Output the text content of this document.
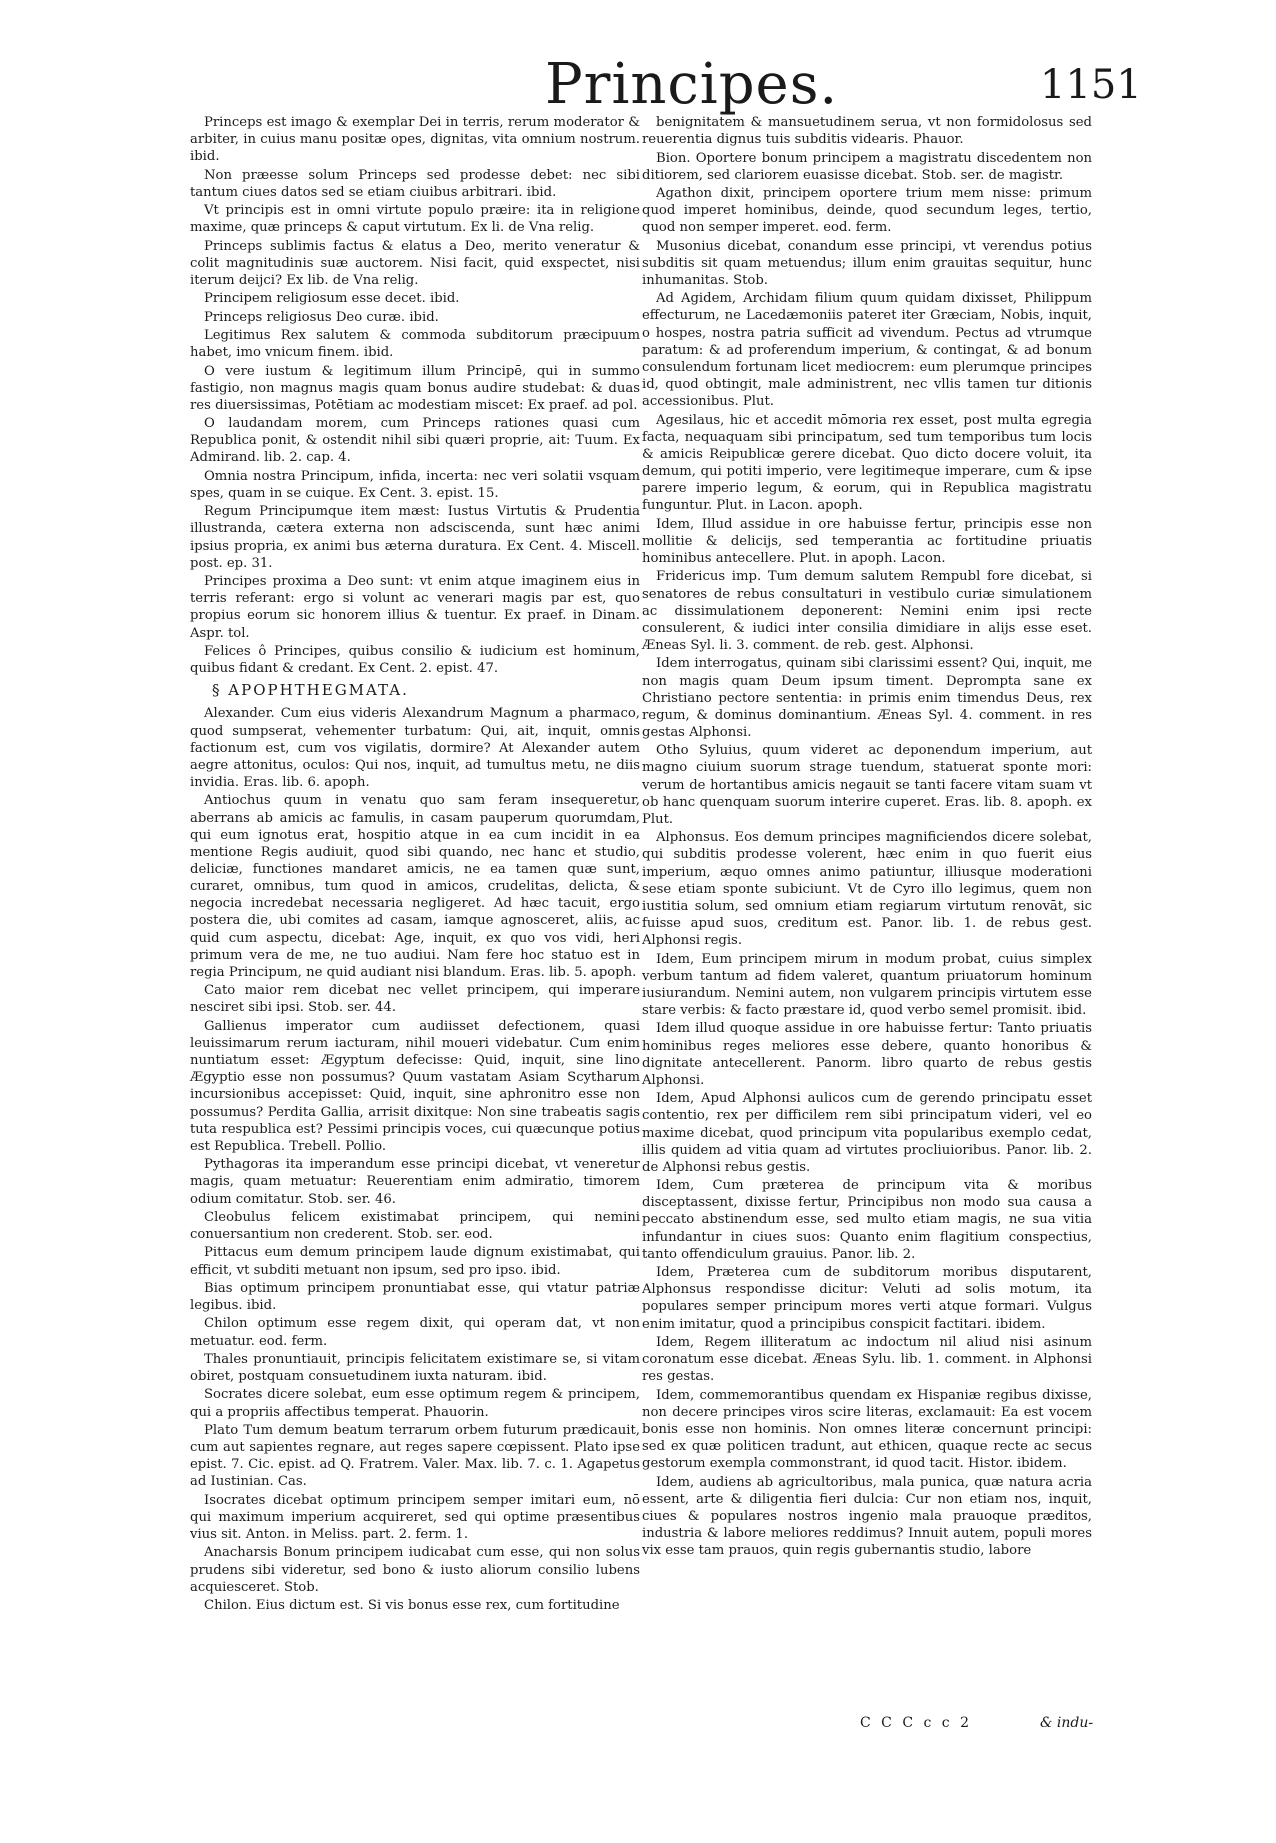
Principes.	1151

Princeps est imago & exemplar Dei in terris, rerum moderator & arbiter, in cuius manu positæ opes, dignitas, vita omnium nostrum. ibid.

Non præesse solum Princeps sed prodesse debet: nec sibi tantum ciues datos sed se etiam ciuibus arbitrari. ibid.

Vt principis est in omni virtute populo præire: ita in religione maxime, quæ princeps & caput virtutum. Ex li. de Vna relig.

Princeps sublimis factus & elatus a Deo, merito veneratur & colit magnitudinis suæ auctorem. Nisi facit, quid exspectet, nisi iterum deijci? Ex lib. de Vna relig.

Principem religiosum esse decet. ibid.

Princeps religiosus Deo curæ. ibid.

Legitimus Rex salutem & commoda subditorum præcipuum habet, imo vnicum finem. ibid.

O vere iustum & legitimum illum Principē, qui in summo fastigio, non magnus magis quam bonus audire studebat: & duas res diuersissimas, Potētiam ac modestiam miscet: Ex praef. ad pol.

O laudandam morem, cum Princeps rationes quasi cum Republica ponit, & ostendit nihil sibi quæri proprie, ait: Tuum. Ex Admirand. lib. 2. cap. 4.

Omnia nostra Principum, infida, incerta: nec veri solatii vsquam spes, quam in se cuique. Ex Cent. 3. epist. 15.

Regum Principumque item mæst: Iustus Virtutis & Prudentia illustranda, cætera externa non adsciscenda, sunt hæc animi ipsius propria, ex animi bus æterna duratura. Ex Cent. 4. Miscell. post. ep. 31.

Principes proxima a Deo sunt: vt enim atque imaginem eius in terris referant: ergo si volunt ac venerari magis par est, quo propius eorum sic honorem illius & tuentur. Ex praef. in Dinam. Aspr. tol.

Felices ô Principes, quibus consilio & iudicium est hominum, quibus fidant & credant. Ex Cent. 2. epist. 47.

§ APOPHTHEGMATA.

Alexander. Cum eius videris Alexandrum Magnum a pharmaco, quod sumpserat, vehementer turbatum: Qui, ait, inquit, omnis factionum est, cum vos vigilatis, dormire? At Alexander autem aegre attonitus, oculos: Qui nos, inquit, ad tumultus metu, ne diis invidia. Eras. lib. 6. apoph.

Antiochus quum in venatu quo sam feram insequeretur, aberrans ab amicis ac famulis, in casam pauperum quorumdam, qui eum ignotus erat, hospitio atque in ea cum incidit in ea mentione Regis audiuit, quod sibi quando, nec hanc et studio, deliciæ, functiones mandaret amicis, ne ea tamen quæ sunt, curaret, omnibus, tum quod in amicos, crudelitas, delicta, & negocia incredebat necessaria negligeret. Ad hæc tacuit, ergo postera die, ubi comites ad casam, iamque agnosceret, aliis, ac quid cum aspectu, dicebat: Age, inquit, ex quo vos vidi, heri primum vera de me, ne tuo audiui. Nam fere hoc statuo est in regia Principum, ne quid audiant nisi blandum. Eras. lib. 5. apoph.

Cato maior rem dicebat nec vellet principem, qui imperare nesciret sibi ipsi. Stob. ser. 44.

Gallienus imperator cum audiisset defectionem, quasi leuissimarum rerum iacturam, nihil moueri videbatur. Cum enim nuntiatum esset: Ægyptum defecisse: Quid, inquit, sine lino Ægyptio esse non possumus? Quum vastatam Asiam Scytharum incursionibus accepisset: Quid, inquit, sine aphronitro esse non possumus? Perdita Gallia, arrisit dixitque: Non sine trabeatis sagis tuta respublica est? Pessimi principis voces, cui quæcunque potius est Republica. Trebell. Pollio.

Pythagoras ita imperandum esse principi dicebat, vt veneretur magis, quam metuatur: Reuerentiam enim admiratio, timorem odium comitatur. Stob. ser. 46.

Cleobulus felicem existimabat principem, qui nemini conuersantium non crederent. Stob. ser. eod.

Pittacus eum demum principem laude dignum existimabat, qui efficit, vt subditi metuant non ipsum, sed pro ipso. ibid.

Bias optimum principem pronuntiabat esse, qui vtatur patriæ legibus. ibid.

Chilon optimum esse regem dixit, qui operam dat, vt non metuatur. eod. ferm.

Thales pronuntiauit, principis felicitatem existimare se, si vitam obiret, postquam consuetudinem iuxta naturam. ibid.

Socrates dicere solebat, eum esse optimum regem & principem, qui a propriis affectibus temperat. Phauorin.

Plato Tum demum beatum terrarum orbem futurum prædicauit, cum aut sapientes regnare, aut reges sapere cœpissent. Plato ipse epist. 7. Cic. epist. ad Q. Fratrem. Valer. Max. lib. 7. c. 1. Agapetus ad Iustinian. Cas.

Isocrates dicebat optimum principem semper imitari eum, nō qui maximum imperium acquireret, sed qui optime præsentibus vius sit. Anton. in Meliss. part. 2. ferm. 1.

Anacharsis Bonum principem iudicabat cum esse, qui non solus prudens sibi videretur, sed bono & iusto aliorum consilio lubens acquiesceret. Stob.

Chilon. Eius dictum est. Si vis bonus esse rex, cum fortitudine

benignitatem & mansuetudinem serua, vt non formidolosus sed reuerentia dignus tuis subditis videaris. Phauor.

Bion. Oportere bonum principem a magistratu discedentem non ditiorem, sed clariorem euasisse dicebat. Stob. ser. de magistr.

Agathon dixit, principem oportere trium mem nisse: primum quod imperet hominibus, deinde, quod secundum leges, tertio, quod non semper imperet. eod. ferm.

Musonius dicebat, conandum esse principi, vt verendus potius subditis sit quam metuendus; illum enim grauitas sequitur, hunc inhumanitas. Stob.

Ad Agidem, Archidam filium quum quidam dixisset, Philippum effecturum, ne Lacedæmoniis pateret iter Græciam, Nobis, inquit, o hospes, nostra patria sufficit ad vivendum. Pectus ad vtrumque paratum: & ad proferendum imperium, & contingat, & ad bonum consulendum fortunam licet mediocrem: eum plerumque principes id, quod obtingit, male administrent, nec vllis tamen tur ditionis accessionibus. Plut.

Agesilaus, hic et accedit mōmoria rex esset, post multa egregia facta, nequaquam sibi principatum, sed tum temporibus tum locis & amicis Reipublicæ gerere dicebat. Quo dicto docere voluit, ita demum, qui potiti imperio, vere legitimeque imperare, cum & ipse parere imperio legum, & eorum, qui in Republica magistratu funguntur. Plut. in Lacon. apoph.

Idem, Illud assidue in ore habuisse fertur, principis esse non mollitie & delicijs, sed temperantia ac fortitudine priuatis hominibus antecellere. Plut. in apoph. Lacon.

Fridericus imp. Tum demum salutem Rempubl fore dicebat, si senatores de rebus consultaturi in vestibulo curiæ simulationem ac dissimulationem deponerent: Nemini enim ipsi recte consulerent, & iudici inter consilia dimidiare in alijs esse eset. Æneas Syl. li. 3. comment. de reb. gest. Alphonsi.

Idem interrogatus, quinam sibi clarissimi essent? Qui, inquit, me non magis quam Deum ipsum timent. Deprompta sane ex Christiano pectore sententia: in primis enim timendus Deus, rex regum, & dominus dominantium. Æneas Syl. 4. comment. in res gestas Alphonsi.

Otho Syluius, quum videret ac deponendum imperium, aut magno ciuium suorum strage tuendum, statuerat sponte mori: verum de hortantibus amicis negauit se tanti facere vitam suam vt ob hanc quenquam suorum interire cuperet. Eras. lib. 8. apoph. ex Plut.

Alphonsus. Eos demum principes magnificiendos dicere solebat, qui subditis prodesse volerent, hæc enim in quo fuerit eius imperium, æquo omnes animo patiuntur, illiusque moderationi sese etiam sponte subiciunt. Vt de Cyro illo legimus, quem non iustitia solum, sed omnium etiam regiarum virtutum renovāt, sic fuisse apud suos, creditum est. Panor. lib. 1. de rebus gest. Alphonsi regis.

Idem, Eum principem mirum in modum probat, cuius simplex verbum tantum ad fidem valeret, quantum priuatorum hominum iusiurandum. Nemini autem, non vulgarem principis virtutem esse stare verbis: & facto præstare id, quod verbo semel promisit. ibid.

Idem illud quoque assidue in ore habuisse fertur: Tanto priuatis hominibus reges meliores esse debere, quanto honoribus & dignitate antecellerent. Panorm. libro quarto de rebus gestis Alphonsi.

Idem, Apud Alphonsi aulicos cum de gerendo principatu esset contentio, rex per difficilem rem sibi principatum videri, vel eo maxime dicebat, quod principum vita popularibus exemplo cedat, illis quidem ad vitia quam ad virtutes procliuioribus. Panor. lib. 2. de Alphonsi rebus gestis.

Idem, Cum præterea de principum vita & moribus disceptassent, dixisse fertur, Principibus non modo sua causa a peccato abstinendum esse, sed multo etiam magis, ne sua vitia infundantur in ciues suos: Quanto enim flagitium conspectius, tanto offendiculum grauius. Panor. lib. 2.

Idem, Præterea cum de subditorum moribus disputarent, Alphonsus respondisse dicitur: Veluti ad solis motum, ita populares semper principum mores verti atque formari. Vulgus enim imitatur, quod a principibus conspicit factitari. ibidem.

Idem, Regem illiteratum ac indoctum nil aliud nisi asinum coronatum esse dicebat. Æneas Sylu. lib. 1. comment. in Alphonsi res gestas.

Idem, commemorantibus quendam ex Hispaniæ regibus dixisse, non decere principes viros scire literas, exclamauit: Ea est vocem bonis esse non hominis. Non omnes literæ concernunt principi: sed ex quæ politicen tradunt, aut ethicen, quaque recte ac secus gestorum exempla commonstrant, id quod tacit. Histor. ibidem.

Idem, audiens ab agricultoribus, mala punica, quæ natura acria essent, arte & diligentia fieri dulcia: Cur non etiam nos, inquit, ciues & populares nostros ingenio mala prauoque præditos, industria & labore meliores reddimus? Innuit autem, populi mores vix esse tam prauos, quin regis gubernantis studio, labore

C C C c c 2	& indu-
